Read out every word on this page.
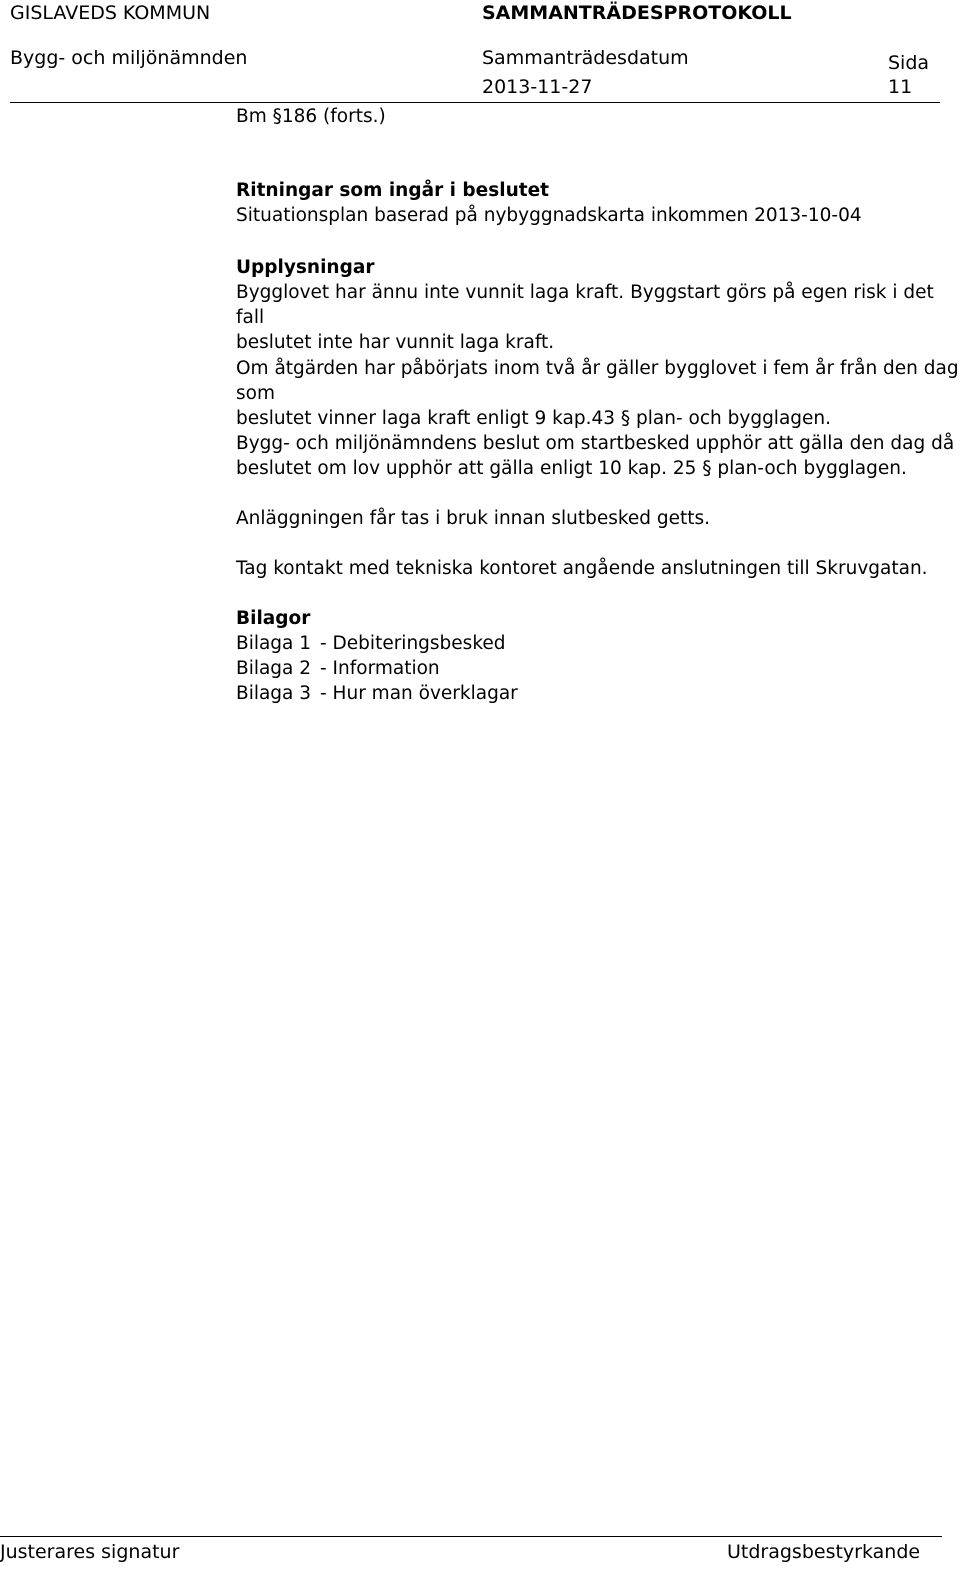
GISLAVEDS KOMMUN	SAMMANTRÄDESPROTOKOLL
Bygg- och miljönämnden	Sammanträdesdatum	Sida
2013-11-27	11
Bm §186 (forts.)
Ritningar som ingår i beslutet
Situationsplan baserad på nybyggnadskarta inkommen 2013-10-04
Upplysningar
Bygglovet har ännu inte vunnit laga kraft. Byggstart görs på egen risk i det fall
beslutet inte har vunnit laga kraft.
Om åtgärden har påbörjats inom två år gäller bygglovet i fem år från den dag som
beslutet vinner laga kraft enligt 9 kap.43 § plan- och bygglagen.
Bygg- och miljönämndens beslut om startbesked upphör att gälla den dag då
beslutet om lov upphör att gälla enligt 10 kap. 25 § plan-och bygglagen.
Anläggningen får tas i bruk innan slutbesked getts.
Tag kontakt med tekniska kontoret angående anslutningen till Skruvgatan.
Bilagor
Bilaga 1 - Debiteringsbesked
Bilaga 2 - Information
Bilaga 3 - Hur man överklagar
Justerares signatur	Utdragsbestyrkande
